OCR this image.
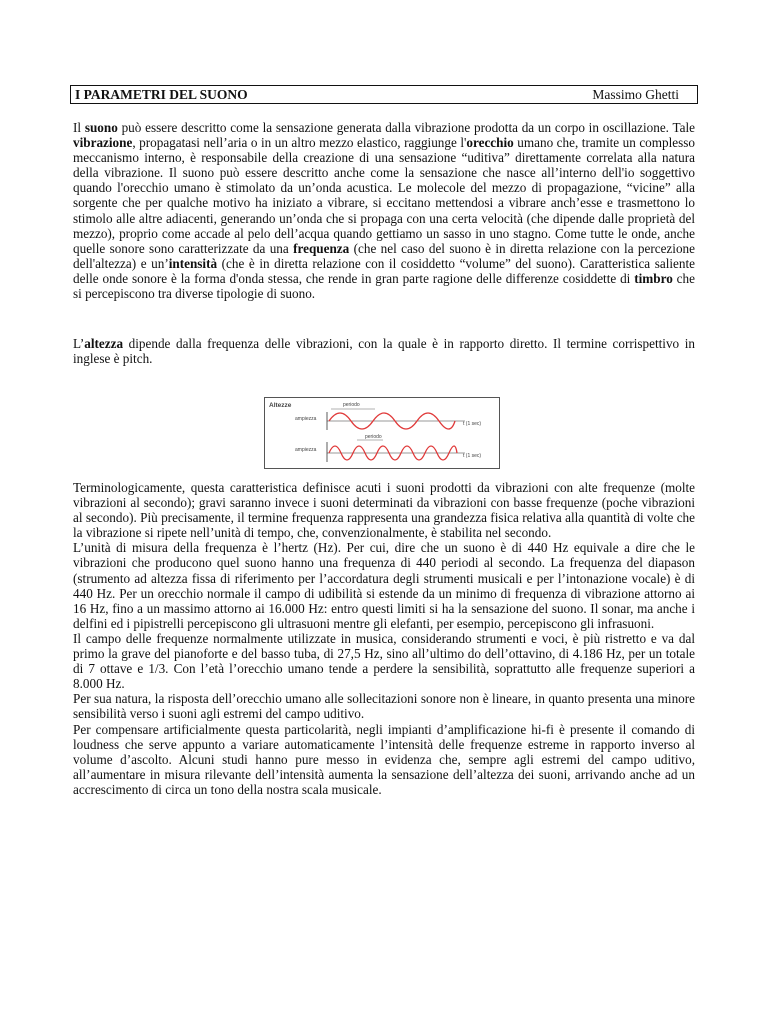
I PARAMETRI DEL SUONO	Massimo Ghetti

Il suono può essere descritto come la sensazione generata dalla vibrazione prodotta da un corpo in oscillazione. Tale vibrazione, propagatasi nell’aria o in un altro mezzo elastico, raggiunge l'orecchio umano che, tramite un complesso meccanismo interno, è responsabile della creazione di una sensazione “uditiva” direttamente correlata alla natura della vibrazione. Il suono può essere descritto anche come la sensazione che nasce all’interno dell'io soggettivo quando l'orecchio umano è stimolato da un’onda acustica. Le molecole del mezzo di propagazione, “vicine” alla sorgente che per qualche motivo ha iniziato a vibrare, si eccitano mettendosi a vibrare anch’esse e trasmettono lo stimolo alle altre adiacenti, generando un’onda che si propaga con una certa velocità (che dipende dalle proprietà del mezzo), proprio come accade al pelo dell’acqua quando gettiamo un sasso in uno stagno. Come tutte le onde, anche quelle sonore sono caratterizzate da una frequenza (che nel caso del suono è in diretta relazione con la percezione dell'altezza) e un’intensità (che è in diretta relazione con il cosiddetto “volume” del suono). Caratteristica saliente delle onde sonore è la forma d'onda stessa, che rende in gran parte ragione delle differenze cosiddette di timbro che si percepiscono tra diverse tipologie di suono.

L’altezza dipende dalla frequenza delle vibrazioni, con la quale è in rapporto diretto. Il termine corrispettivo in inglese è pitch.

Altezze	periodo
ampiezza
t (1 sec)
periodo
ampiezza
t (1 sec)

Terminologicamente, questa caratteristica definisce acuti i suoni prodotti da vibrazioni con alte frequenze (molte vibrazioni al secondo); gravi saranno invece i suoni determinati da vibrazioni con basse frequenze (poche vibrazioni al secondo). Più precisamente, il termine frequenza rappresenta una grandezza fisica relativa alla quantità di volte che la vibrazione si ripete nell’unità di tempo, che, convenzionalmente, è stabilita nel secondo.

L’unità di misura della frequenza è l’hertz (Hz). Per cui, dire che un suono è di 440 Hz equivale a dire che le vibrazioni che producono quel suono hanno una frequenza di 440 periodi al secondo. La frequenza del diapason (strumento ad altezza fissa di riferimento per l’accordatura degli strumenti musicali e per l’intonazione vocale) è di 440 Hz. Per un orecchio normale il campo di udibilità si estende da un minimo di frequenza di vibrazione attorno ai 16 Hz, fino a un massimo attorno ai 16.000 Hz: entro questi limiti si ha la sensazione del suono. Il sonar, ma anche i delfini ed i pipistrelli percepiscono gli ultrasuoni mentre gli elefanti, per esempio, percepiscono gli infrasuoni.

Il campo delle frequenze normalmente utilizzate in musica, considerando strumenti e voci, è più ristretto e va dal primo la grave del pianoforte e del basso tuba, di 27,5 Hz, sino all’ultimo do dell’ottavino, di 4.186 Hz, per un totale di 7 ottave e 1/3. Con l’età l’orecchio umano tende a perdere la sensibilità, soprattutto alle frequenze superiori a 8.000 Hz.

Per sua natura, la risposta dell’orecchio umano alle sollecitazioni sonore non è lineare, in quanto presenta una minore sensibilità verso i suoni agli estremi del campo uditivo.

Per compensare artificialmente questa particolarità, negli impianti d’amplificazione hi-fi è presente il comando di loudness che serve appunto a variare automaticamente l’intensità delle frequenze estreme in rapporto inverso al volume d’ascolto. Alcuni studi hanno pure messo in evidenza che, sempre agli estremi del campo uditivo, all’aumentare in misura rilevante dell’intensità aumenta la sensazione dell’altezza dei suoni, arrivando anche ad un accrescimento di circa un tono della nostra scala musicale.
